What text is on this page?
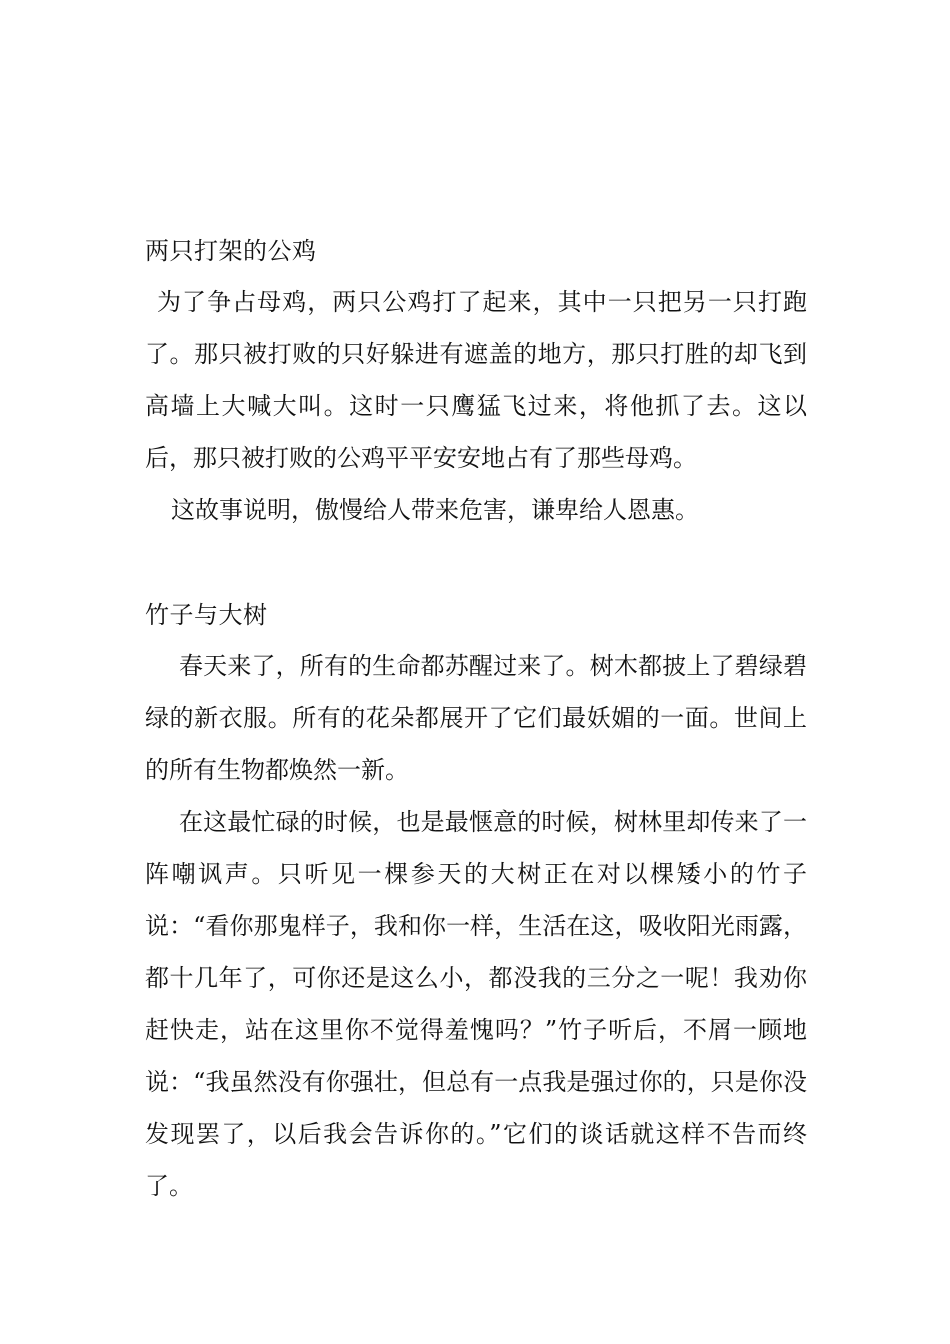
两只打架的公鸡

为了争占母鸡，两只公鸡打了起来，其中一只把另一只打跑了。那只被打败的只好躲进有遮盖的地方，那只打胜的却飞到高墙上大喊大叫。这时一只鹰猛飞过来，将他抓了去。这以后，那只被打败的公鸡平平安安地占有了那些母鸡。

这故事说明，傲慢给人带来危害，谦卑给人恩惠。

竹子与大树

春天来了，所有的生命都苏醒过来了。树木都披上了碧绿碧绿的新衣服。所有的花朵都展开了它们最妖媚的一面。世间上的所有生物都焕然一新。

在这最忙碌的时候，也是最惬意的时候，树林里却传来了一阵嘲讽声。只听见一棵参天的大树正在对以棵矮小的竹子说：“看你那鬼样子，我和你一样，生活在这，吸收阳光雨露，都十几年了，可你还是这么小，都没我的三分之一呢！我劝你赶快走，站在这里你不觉得羞愧吗？”竹子听后，不屑一顾地说：“我虽然没有你强壮，但总有一点我是强过你的，只是你没发现罢了，以后我会告诉你的。”它们的谈话就这样不告而终了。
